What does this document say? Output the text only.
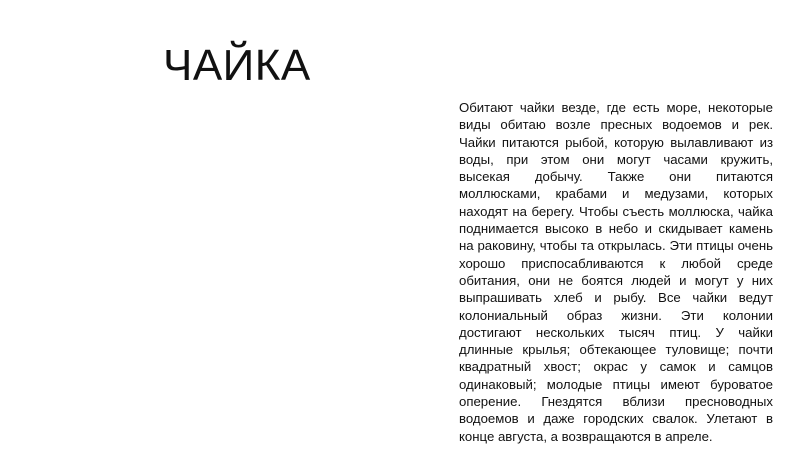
ЧАЙКА

Обитают чайки везде, где есть море, некоторые виды обитаю возле пресных водоемов и рек. Чайки питаются рыбой, которую вылавливают из воды, при этом они могут часами кружить, высекая добычу. Также они питаются моллюсками, крабами и медузами, которых находят на берегу. Чтобы съесть моллюска, чайка поднимается высоко в небо и скидывает камень на раковину, чтобы та открылась. Эти птицы очень хорошо приспосабливаются к любой среде обитания, они не боятся людей и могут у них выпрашивать хлеб и рыбу. Все чайки ведут колониальный образ жизни. Эти колонии достигают нескольких тысяч птиц. У чайки длинные крылья; обтекающее туловище; почти квадратный хвост; окрас у самок и самцов одинаковый; молодые птицы имеют буроватое оперение. Гнездятся вблизи пресноводных водоемов и даже городских свалок. Улетают в конце августа, а возвращаются в апреле.
